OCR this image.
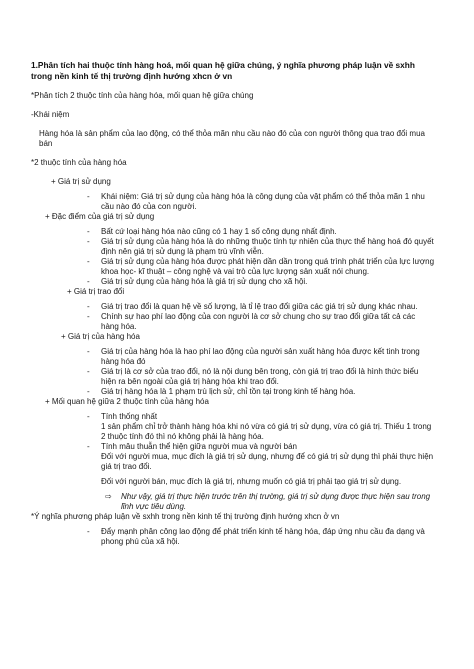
1.Phân tích hai thuộc tính hàng hoá, mối quan hệ giữa chúng, ý nghĩa phương pháp luận về sxhh trong nền kinh tế thị trường định hướng xhcn ở vn

*Phân tích 2 thuộc tính của hàng hóa, mối quan hệ giữa chúng

-Khái niệm

Hàng hóa là sản phẩm của lao động, có thể thỏa mãn nhu cầu nào đó của con người thông qua trao đổi mua bán

*2 thuộc tính của hàng hóa

+ Giá trị sử dụng

- Khái niệm: Giá trị sử dụng của hàng hóa là công dụng của vật phẩm có thể thỏa mãn 1 nhu cầu nào đó của con người.

+ Đặc điểm của giá trị sử dụng

- Bất cứ loại hàng hóa nào cũng có 1 hay 1 số công dụng nhất định.
- Giá trị sử dụng của hàng hóa là do những thuộc tính tự nhiên của thực thể hàng hoá đó quyết định nên giá trị sử dụng là phạm trù vĩnh viễn.
- Giá trị sử dụng của hàng hóa được phát hiện dần dần trong quá trình phát triển của lực lượng khoa học- kĩ thuật – công nghệ và vai trò của lực lượng sản xuất nói chung.
- Giá trị sử dụng của hàng hóa là giá trị sử dụng cho xã hội.

+ Giá trị trao đổi

- Giá trị trao đổi là quan hệ về số lượng, là tỉ lệ trao đổi giữa các giá trị sử dụng khác nhau.
- Chính sự hao phí lao động của con người là cơ sở chung cho sự trao đổi giữa tất cả các hàng hóa.

+ Giá trị của hàng hóa

- Giá trị của hàng hóa là hao phí lao động của người sản xuất hàng hóa được kết tinh trong hàng hóa đó
- Giá trị là cơ sở của trao đổi, nó là nội dung bên trong, còn giá trị trao đổi là hình thức biểu hiện ra bên ngoài của giá trị hàng hóa khi trao đổi.
- Giá trị hàng hóa là 1 phạm trù lịch sử, chỉ tồn tại trong kinh tế hàng hóa.

+ Mối quan hệ giữa 2 thuộc tính của hàng hóa

- Tính thống nhất

1 sản phẩm chỉ trở thành hàng hóa khi nó vừa có giá trị sử dụng, vừa có giá trị. Thiếu 1 trong 2 thuộc tính đó thì nó không phải là hàng hóa.

- Tính mâu thuẫn thể hiện giữa người mua và người bán

Đối với người mua, mục đích là giá trị sử dụng, nhưng để có giá trị sử dụng thì phải thực hiện giá trị trao đổi.

Đối với người bán, mục đích là giá trị, nhưng muốn có giá trị phải tạo giá trị sử dụng.

⇨ Như vậy, giá trị thực hiện trước trên thị trường, giá trị sử dụng được thực hiện sau trong lĩnh vực tiêu dùng.

*Ý nghĩa phương pháp luận về sxhh trong nền kinh tế thị trường định hướng xhcn ở vn

- Đẩy mạnh phân công lao động để phát triển kinh tế hàng hóa, đáp ứng nhu cầu đa dạng và phong phú của xã hội.
